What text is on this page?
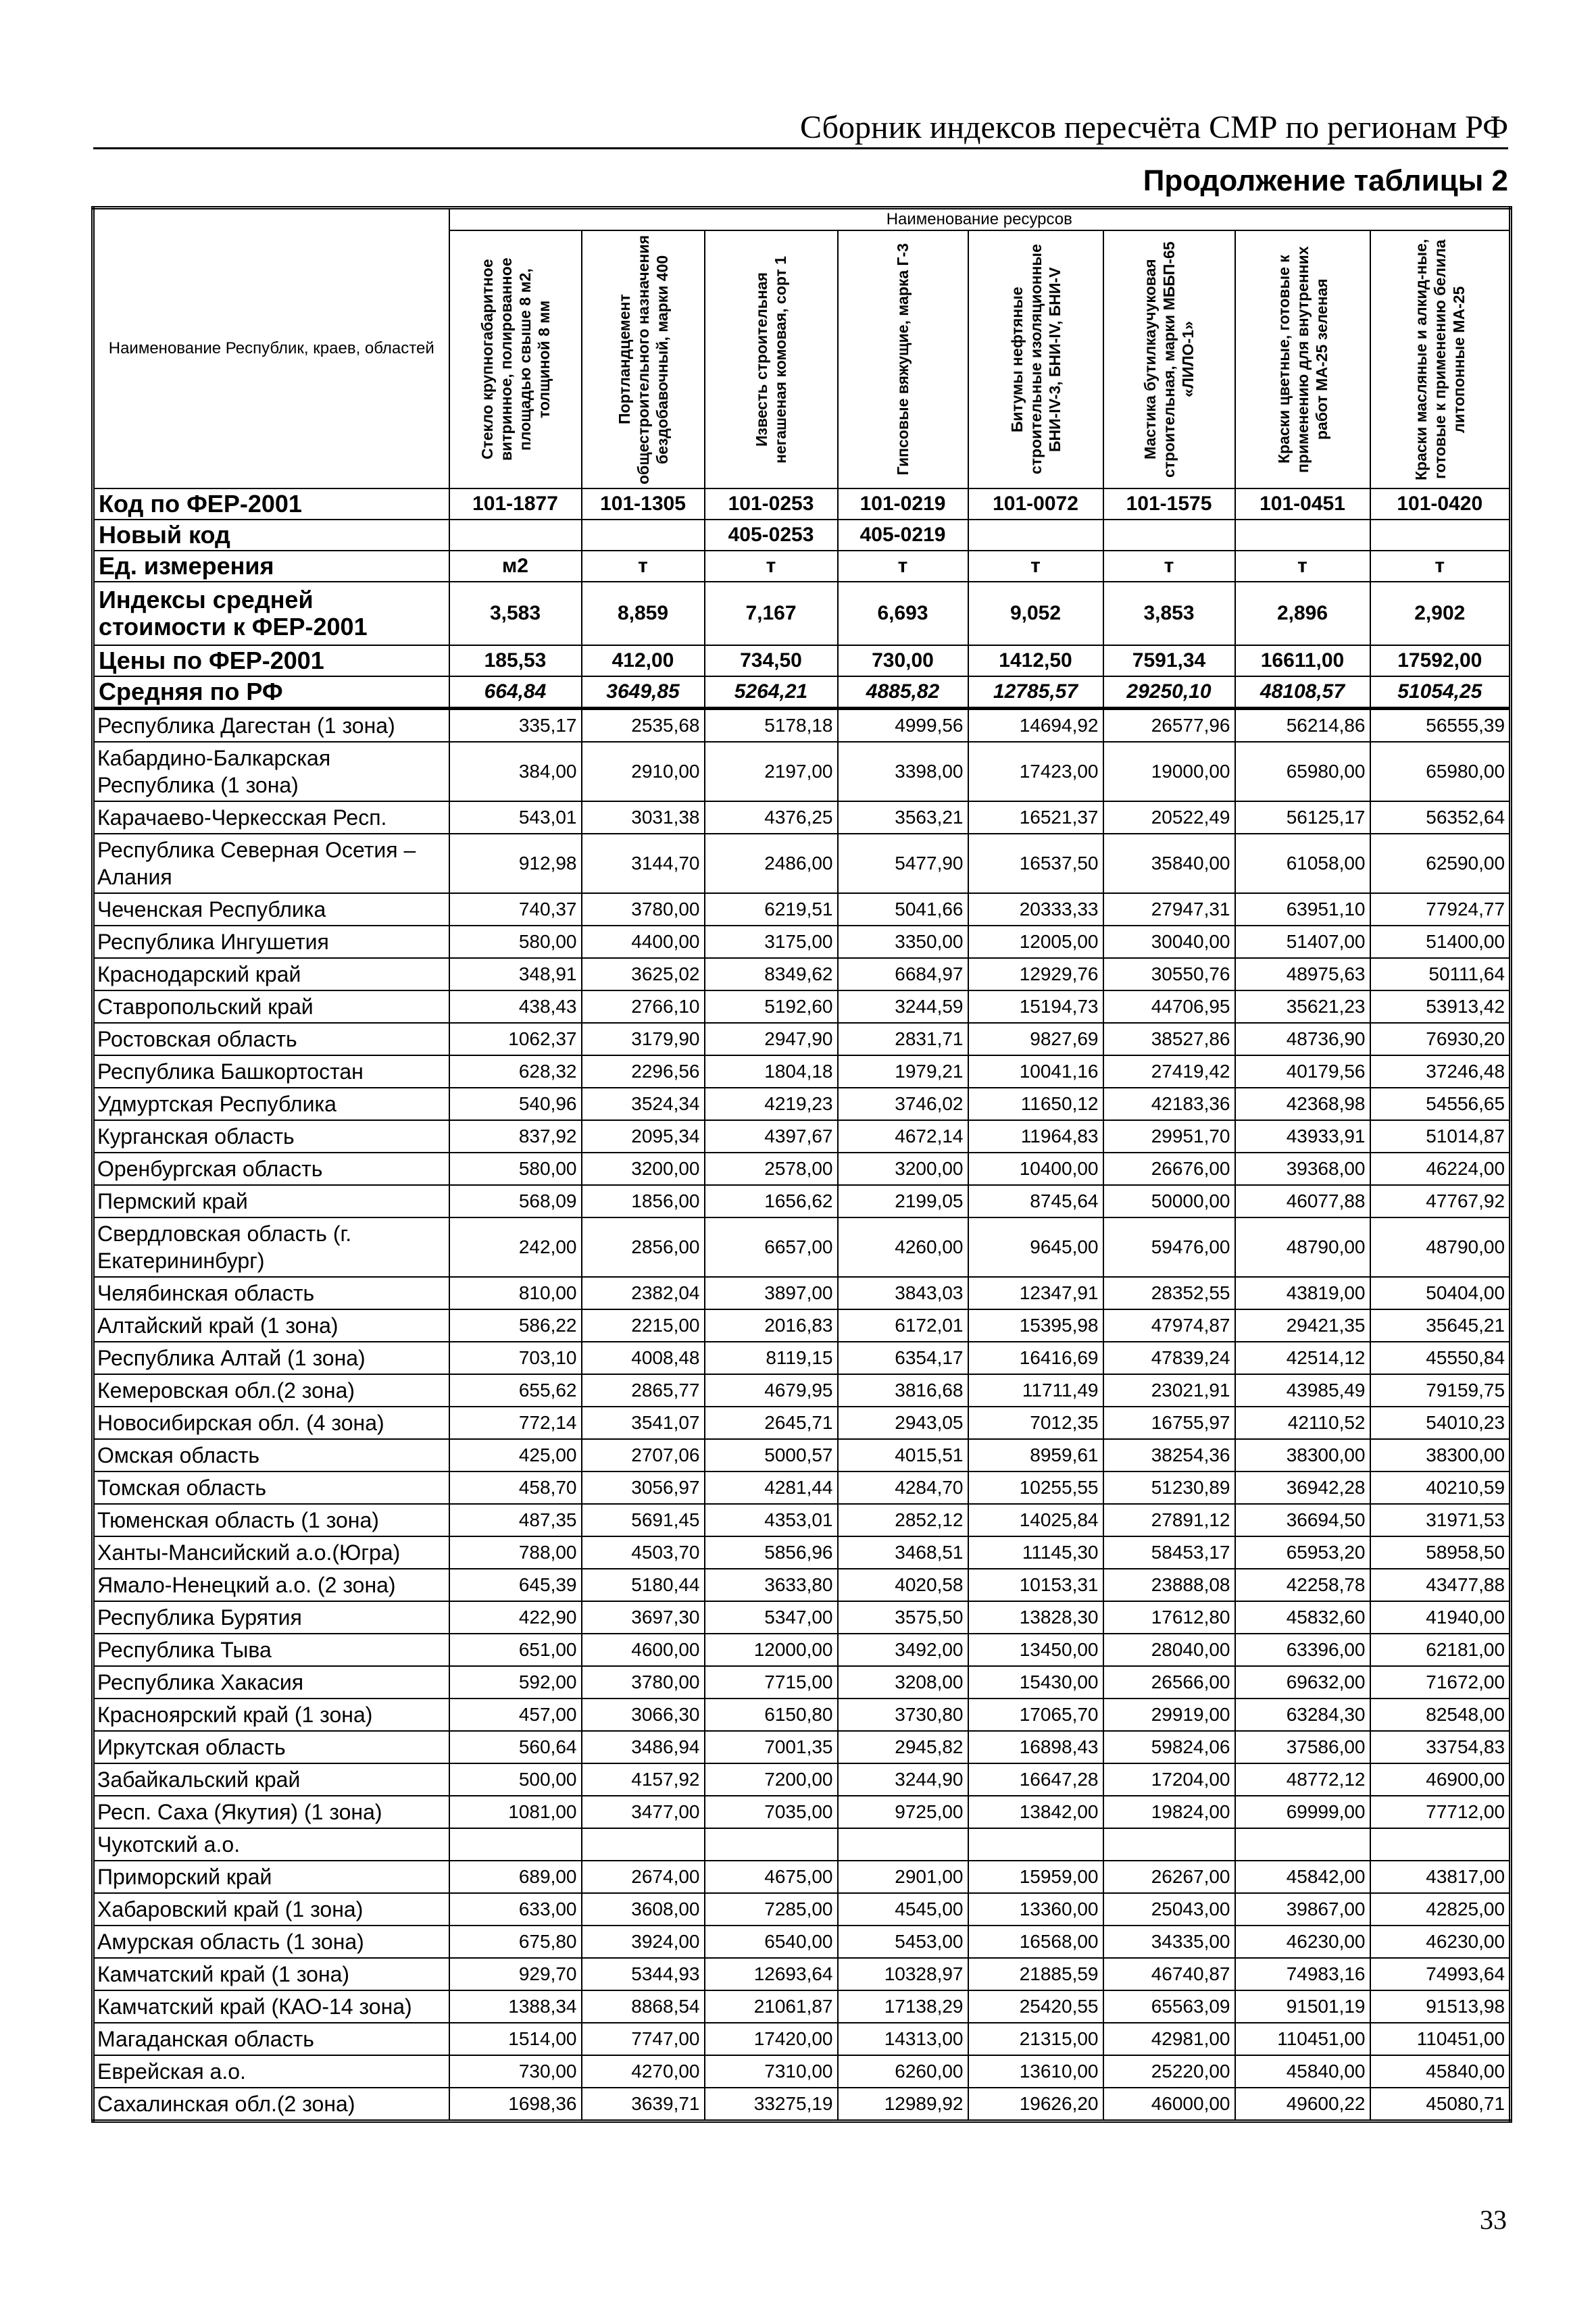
Сборник индексов пересчёта СМР по регионам РФ
Продолжение таблицы 2
Наименование Республик, краев, областей	Наименование ресурсов							

	Стекло крупногабаритное витринное, полированное площадью свыше 8 м2, толщиной 8 мм	Портландцемент общестроительного назначения бездобавочный, марки 400	Известь строительная негашеная комовая, сорт 1	Гипсовые вяжущие, марка Г-3	Битумы нефтяные строительные изоляционные БНИ-IV-3, БНИ-IV, БНИ-V	Мастика бутилкаучуковая строительная, марки МББП-65 «ЛИЛО-1»	Краски цветные, готовые к применению для внутренних работ МА-25 зеленая	Краски масляные и алкид-ные, готовые к применению белила литопонные МА-25

Код по ФЕР-2001	101-1877	101-1305	101-0253	101-0219	101-0072	101-1575	101-0451	101-0420
Новый код			405-0253	405-0219				
Ед. измерения	м2	т	т	т	т	т	т	т
Индексы средней стоимости к ФЕР-2001	3,583	8,859	7,167	6,693	9,052	3,853	2,896	2,902
Цены по ФЕР-2001	185,53	412,00	734,50	730,00	1412,50	7591,34	16611,00	17592,00
Средняя по РФ	664,84	3649,85	5264,21	4885,82	12785,57	29250,10	48108,57	51054,25
Республика Дагестан (1 зона)	335,17	2535,68	5178,18	4999,56	14694,92	26577,96	56214,86	56555,39
Кабардино-Балкарская Республика (1 зона)	384,00	2910,00	2197,00	3398,00	17423,00	19000,00	65980,00	65980,00
Карачаево-Черкесская Респ.	543,01	3031,38	4376,25	3563,21	16521,37	20522,49	56125,17	56352,64
Республика Северная Осетия – Алания	912,98	3144,70	2486,00	5477,90	16537,50	35840,00	61058,00	62590,00
Чеченская Республика	740,37	3780,00	6219,51	5041,66	20333,33	27947,31	63951,10	77924,77
Республика Ингушетия	580,00	4400,00	3175,00	3350,00	12005,00	30040,00	51407,00	51400,00
Краснодарский край	348,91	3625,02	8349,62	6684,97	12929,76	30550,76	48975,63	50111,64
Ставропольский край	438,43	2766,10	5192,60	3244,59	15194,73	44706,95	35621,23	53913,42
Ростовская область	1062,37	3179,90	2947,90	2831,71	9827,69	38527,86	48736,90	76930,20
Республика Башкортостан	628,32	2296,56	1804,18	1979,21	10041,16	27419,42	40179,56	37246,48
Удмуртская Республика	540,96	3524,34	4219,23	3746,02	11650,12	42183,36	42368,98	54556,65
Курганская область	837,92	2095,34	4397,67	4672,14	11964,83	29951,70	43933,91	51014,87
Оренбургская область	580,00	3200,00	2578,00	3200,00	10400,00	26676,00	39368,00	46224,00
Пермский край	568,09	1856,00	1656,62	2199,05	8745,64	50000,00	46077,88	47767,92
Свердловская область (г. Екатерининбург)	242,00	2856,00	6657,00	4260,00	9645,00	59476,00	48790,00	48790,00
Челябинская область	810,00	2382,04	3897,00	3843,03	12347,91	28352,55	43819,00	50404,00
Алтайский край (1 зона)	586,22	2215,00	2016,83	6172,01	15395,98	47974,87	29421,35	35645,21
Республика Алтай (1 зона)	703,10	4008,48	8119,15	6354,17	16416,69	47839,24	42514,12	45550,84
Кемеровская обл.(2 зона)	655,62	2865,77	4679,95	3816,68	11711,49	23021,91	43985,49	79159,75
Новосибирская обл. (4 зона)	772,14	3541,07	2645,71	2943,05	7012,35	16755,97	42110,52	54010,23
Омская область	425,00	2707,06	5000,57	4015,51	8959,61	38254,36	38300,00	38300,00
Томская область	458,70	3056,97	4281,44	4284,70	10255,55	51230,89	36942,28	40210,59
Тюменская область (1 зона)	487,35	5691,45	4353,01	2852,12	14025,84	27891,12	36694,50	31971,53
Ханты-Мансийский а.о.(Югра)	788,00	4503,70	5856,96	3468,51	11145,30	58453,17	65953,20	58958,50
Ямало-Ненецкий а.о. (2 зона)	645,39	5180,44	3633,80	4020,58	10153,31	23888,08	42258,78	43477,88
Республика Бурятия	422,90	3697,30	5347,00	3575,50	13828,30	17612,80	45832,60	41940,00
Республика Тыва	651,00	4600,00	12000,00	3492,00	13450,00	28040,00	63396,00	62181,00
Республика Хакасия	592,00	3780,00	7715,00	3208,00	15430,00	26566,00	69632,00	71672,00
Красноярский край (1 зона)	457,00	3066,30	6150,80	3730,80	17065,70	29919,00	63284,30	82548,00
Иркутская область	560,64	3486,94	7001,35	2945,82	16898,43	59824,06	37586,00	33754,83
Забайкальский край	500,00	4157,92	7200,00	3244,90	16647,28	17204,00	48772,12	46900,00
Респ. Саха (Якутия) (1 зона)	1081,00	3477,00	7035,00	9725,00	13842,00	19824,00	69999,00	77712,00
Чукотский а.о.								
Приморский край	689,00	2674,00	4675,00	2901,00	15959,00	26267,00	45842,00	43817,00
Хабаровский край (1 зона)	633,00	3608,00	7285,00	4545,00	13360,00	25043,00	39867,00	42825,00
Амурская область (1 зона)	675,80	3924,00	6540,00	5453,00	16568,00	34335,00	46230,00	46230,00
Камчатский край (1 зона)	929,70	5344,93	12693,64	10328,97	21885,59	46740,87	74983,16	74993,64
Камчатский край (КАО-14 зона)	1388,34	8868,54	21061,87	17138,29	25420,55	65563,09	91501,19	91513,98
Магаданская область	1514,00	7747,00	17420,00	14313,00	21315,00	42981,00	110451,00	110451,00
Еврейская а.о.	730,00	4270,00	7310,00	6260,00	13610,00	25220,00	45840,00	45840,00
Сахалинская обл.(2 зона)	1698,36	3639,71	33275,19	12989,92	19626,20	46000,00	49600,22	45080,71
33
